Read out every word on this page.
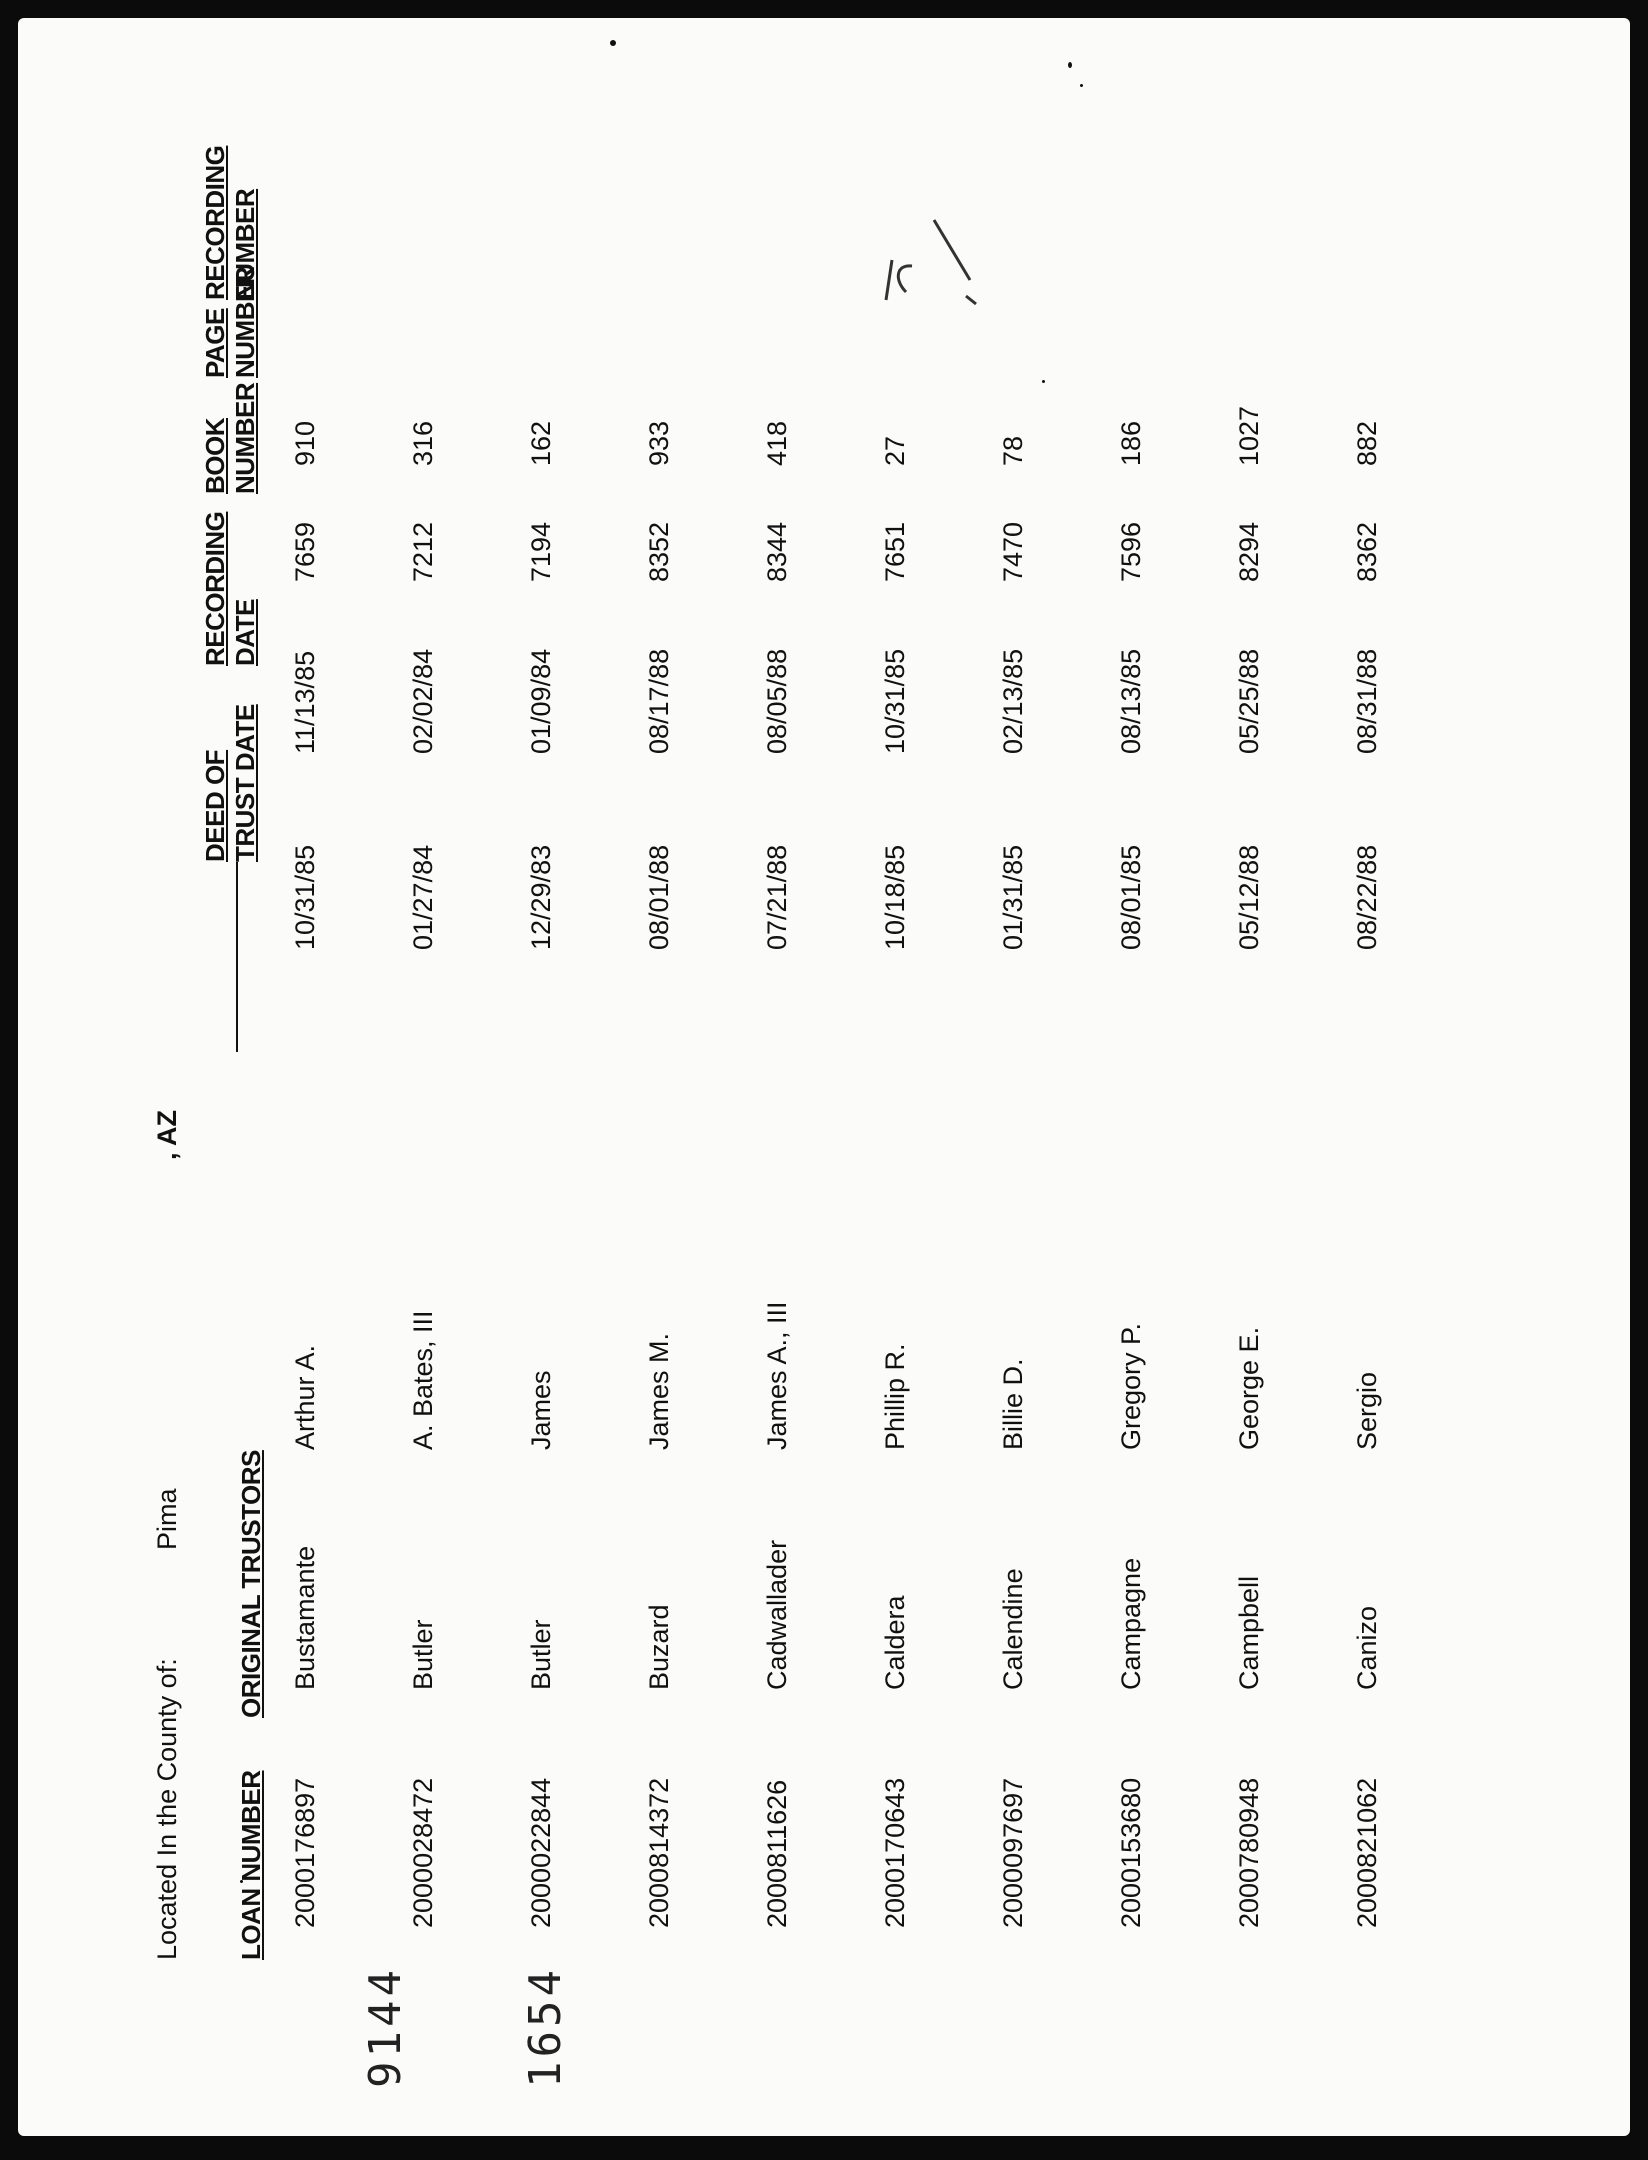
Located In the County of:
Pima
, AZ
LOAN NUMBER
ORIGINAL TRUSTORS
DEED OF TRUST DATE
RECORDING DATE
BOOK NUMBER
PAGE NUMBER
RECORDING NUMBER
2000176897	Bustamante	Arthur A.		10/31/85	11/13/85	7659	910
2000028472	Butler	A. Bates, III		01/27/84	02/02/84	7212	316
2000022844	Butler	James		12/29/83	01/09/84	7194	162
2000814372	Buzard	James M.		08/01/88	08/17/88	8352	933
2000811626	Cadwallader	James A., III		07/21/88	08/05/88	8344	418
2000170643	Caldera	Phillip R.		10/18/85	10/31/85	7651	27
2000097697	Calendine	Billie D.		01/31/85	02/13/85	7470	78
2000153680	Campagne	Gregory P.		08/01/85	08/13/85	7596	186
2000780948	Campbell	George E.		05/12/88	05/25/88	8294	1027
2000821062	Canizo	Sergio		08/22/88	08/31/88	8362	882
9144 1654
